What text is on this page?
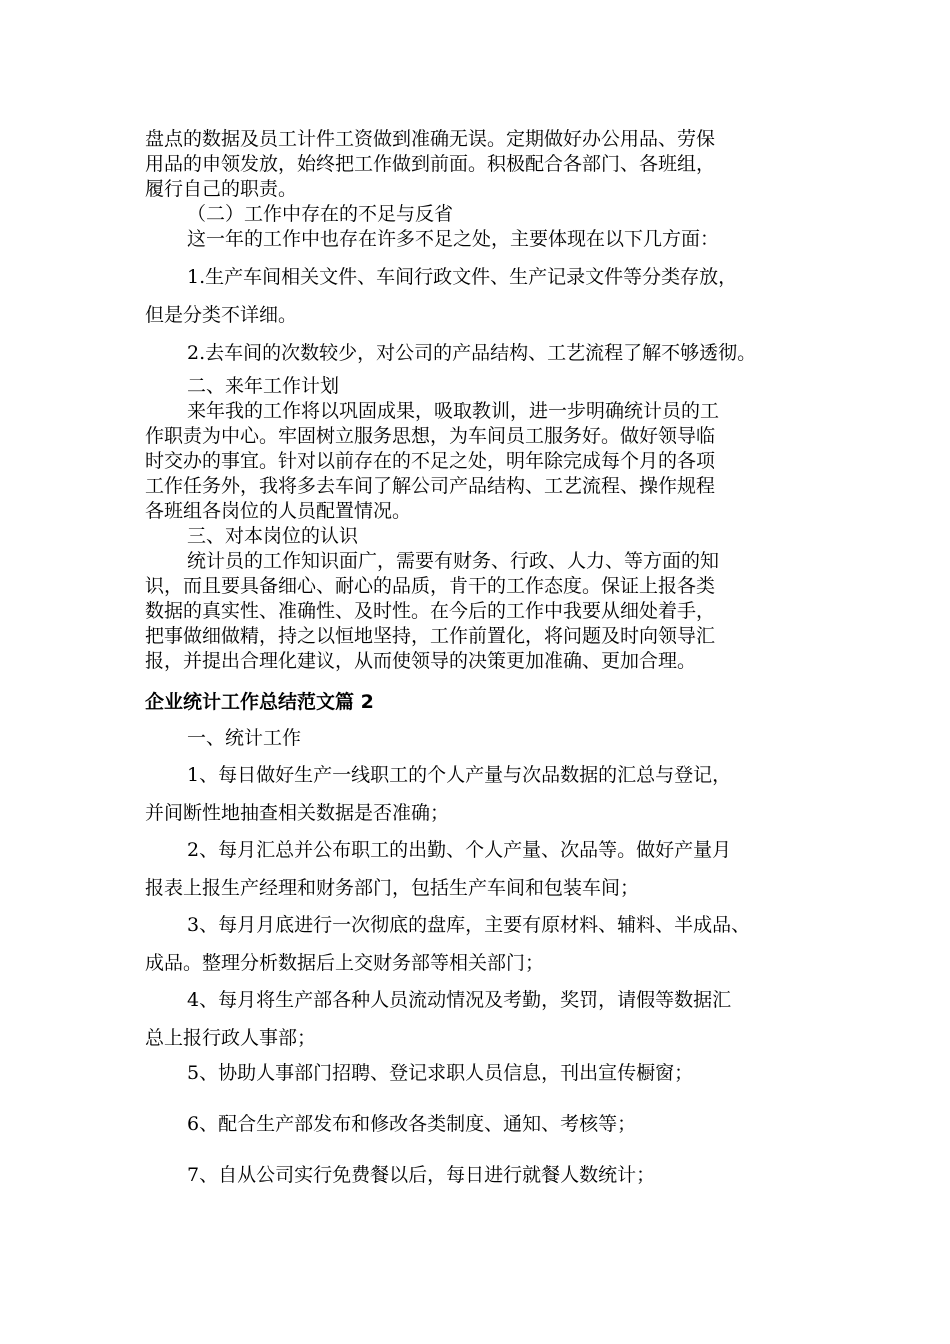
盘点的数据及员工计件工资做到准确无误。定期做好办公用品、劳保
用品的申领发放，始终把工作做到前面。积极配合各部门、各班组，
履行自己的职责。
（二）工作中存在的不足与反省
这一年的工作中也存在许多不足之处，主要体现在以下几方面：
1.生产车间相关文件、车间行政文件、生产记录文件等分类存放，
但是分类不详细。
2.去车间的次数较少，对公司的产品结构、工艺流程了解不够透彻。
二、来年工作计划
来年我的工作将以巩固成果，吸取教训，进一步明确统计员的工
作职责为中心。牢固树立服务思想，为车间员工服务好。做好领导临
时交办的事宜。针对以前存在的不足之处，明年除完成每个月的各项
工作任务外，我将多去车间了解公司产品结构、工艺流程、操作规程
各班组各岗位的人员配置情况。
三、对本岗位的认识
统计员的工作知识面广，需要有财务、行政、人力、等方面的知
识，而且要具备细心、耐心的品质，肯干的工作态度。保证上报各类
数据的真实性、准确性、及时性。在今后的工作中我要从细处着手，
把事做细做精，持之以恒地坚持，工作前置化，将问题及时向领导汇
报，并提出合理化建议，从而使领导的决策更加准确、更加合理。
企业统计工作总结范文篇 2
一、统计工作
1、每日做好生产一线职工的个人产量与次品数据的汇总与登记，
并间断性地抽查相关数据是否准确；
2、每月汇总并公布职工的出勤、个人产量、次品等。做好产量月
报表上报生产经理和财务部门，包括生产车间和包装车间；
3、每月月底进行一次彻底的盘库，主要有原材料、辅料、半成品、
成品。整理分析数据后上交财务部等相关部门；
4、每月将生产部各种人员流动情况及考勤，奖罚，请假等数据汇
总上报行政人事部；
5、协助人事部门招聘、登记求职人员信息，刊出宣传橱窗；
6、配合生产部发布和修改各类制度、通知、考核等；
7、自从公司实行免费餐以后，每日进行就餐人数统计；
